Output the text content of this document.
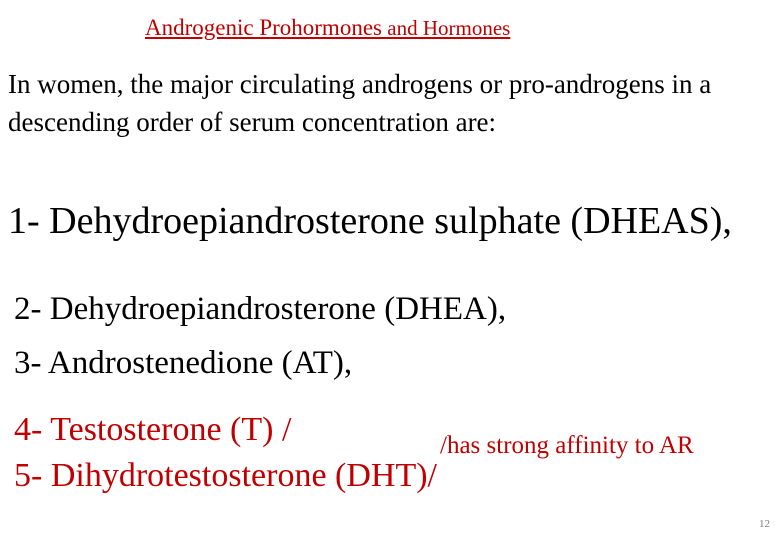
Androgenic Prohormones and Hormones
In women, the major circulating androgens or pro-androgens in a descending order of serum concentration are:
1- Dehydroepiandrosterone sulphate (DHEAS),
2- Dehydroepiandrosterone (DHEA),
3- Androstenedione (AT),
4- Testosterone (T) /	/has strong affinity to AR
5- Dihydrotestosterone (DHT)/
12
